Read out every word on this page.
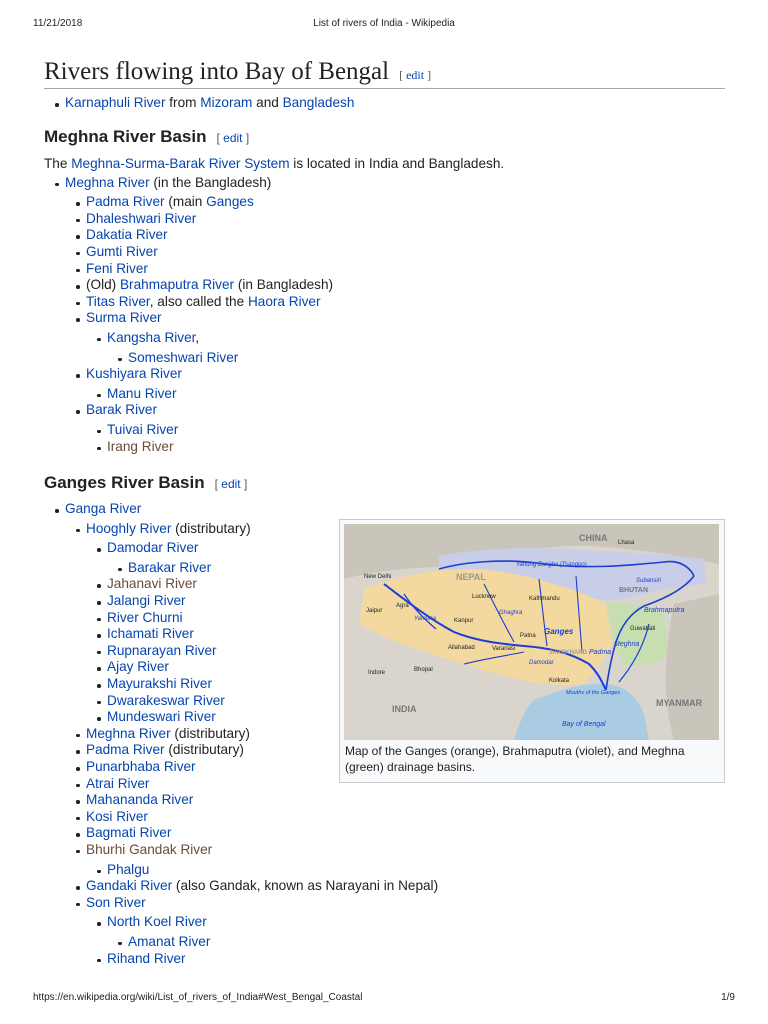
11/21/2018	List of rivers of India - Wikipedia
Rivers flowing into Bay of Bengal [ edit ]
Karnaphuli River from Mizoram and Bangladesh
Meghna River Basin [ edit ]

The Meghna-Surma-Barak River System is located in India and Bangladesh.

Meghna River (in the Bangladesh)
Padma River (main Ganges
Dhaleshwari River
Dakatia River
Gumti River
Feni River
(Old) Brahmaputra River (in Bangladesh)
Titas River, also called the Haora River
Surma River
Kangsha River,
Someshwari River
Kushiyara River
Manu River
Barak River
Tuivai River
Irang River
Ganges River Basin [ edit ]
Ganga River
Hooghly River (distributary)
Damodar River
Barakar River
Jahanavi River
Jalangi River
River Churni
Ichamati River
Rupnarayan River
Ajay River
Mayurakshi River
Dwarakeswar River
Mundeswari River
Meghna River (distributary)
Padma River (distributary)
Punarbhaba River
Atrai River
Mahananda River
Kosi River
Bagmati River
Bhurhi Gandak River
Phalgu
Gandaki River (also Gandak, known as Narayani in Nepal)
Son River
North Koel River
Amanat River
Rihand River
CHINA Lhasa
Yarlung Zangbo (Tsangpo)
NEPAL
BHUTAN
Brahmaputra
Subansiri
Guwahati
New Delhi
Agra
Jaipur
Yamuna
Lucknow	Kathmandu
Ghaghra
Kanpur
Allahabad	Varanasi
Patna Ganges
JHARKHAND
Damodar
Padma
Meghna
Kolkata
Mouths of the Ganges
Bay of Bengal
INDIA
MYANMAR
Bhopal
Indore
Map of the Ganges (orange), Brahmaputra (violet), and Meghna (green) drainage basins.
https://en.wikipedia.org/wiki/List_of_rivers_of_India#West_Bengal_Coastal	1/9
